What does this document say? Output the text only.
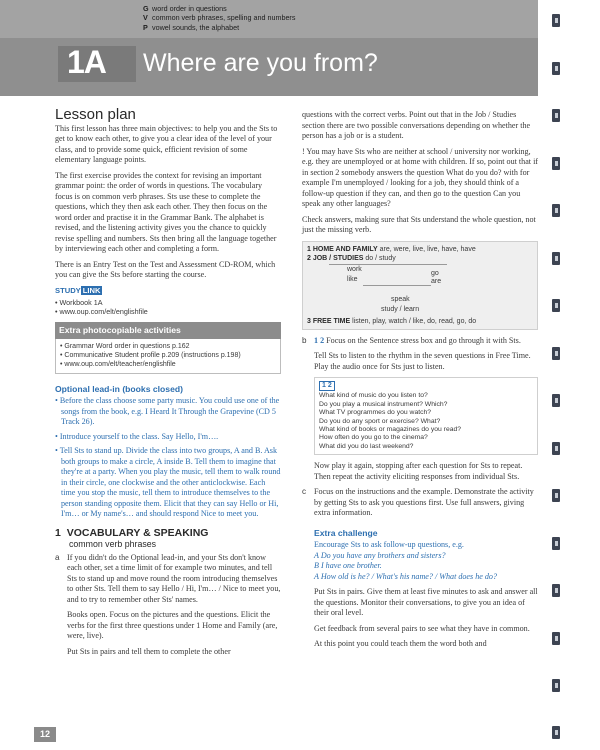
G word order in questions
V common verb phrases, spelling and numbers
P vowel sounds, the alphabet
1A Where are you from?
Lesson plan

This first lesson has three main objectives: to help you and the Sts to get to know each other, to give you a clear idea of the level of your class, and to provide some quick, efficient revision of some elementary language points.

The first exercise provides the context for revising an important grammar point: the order of words in questions. The vocabulary focus is on common verb phrases. Sts use these to complete the questions, which they then ask each other. They then focus on the word order and practise it in the Grammar Bank. The alphabet is revised, and the listening activity gives you the chance to quickly revise spelling and numbers. Sts then bring all the language together by interviewing each other and completing a form.

There is an Entry Test on the Test and Assessment CD-ROM, which you can give the Sts before starting the course.

STUDY LINK
• Workbook 1A
• www.oup.com/elt/englishfile
Extra photocopiable activities
• Grammar Word order in questions p.162
• Communicative Student profile p.209 (instructions p.198)
• www.oup.com/elt/teacher/englishfile
Optional lead-in (books closed)
• Before the class choose some party music. You could use one of the songs from the book, e.g. I Heard It Through the Grapevine (CD 5 Track 26).
• Introduce yourself to the class. Say Hello, I'm….
• Tell Sts to stand up. Divide the class into two groups, A and B. Ask both groups to make a circle, A inside B. Tell them to imagine that they're at a party. When you play the music, tell them to walk round in their circle, one clockwise and the other anticlockwise. Each time you stop the music, tell them to introduce themselves to the person standing opposite them. Elicit that they can say Hello or Hi, I'm… or My name's… and should respond Nice to meet you.
1 VOCABULARY & SPEAKING
common verb phrases
a If you didn't do the Optional lead-in, and your Sts don't know each other, set a time limit of for example two minutes, and tell Sts to stand up and move round the room introducing themselves to other Sts. Tell them to say Hello / Hi, I'm… / Nice to meet you, and to try to remember other Sts' names.

Books open. Focus on the pictures and the questions. Elicit the verbs for the first three questions under 1 Home and Family (are, were, live).

Put Sts in pairs and tell them to complete the other

questions with the correct verbs. Point out that in the Job / Studies section there are two possible conversations depending on whether the person has a job or is a student.

! You may have Sts who are neither at school / university nor working, e.g. they are unemployed or at home with children. If so, point out that if in section 2 somebody answers the question What do you do? with for example I'm unemployed / looking for a job, they should think of a follow-up question if they can, and then go to the question Can you speak any other languages?

Check answers, making sure that Sts understand the whole question, not just the missing verb.

1 HOME AND FAMILY are, were, live, live, have, have
2 JOB / STUDIES do / study
work
like
go
are
speak
study / learn
3 FREE TIME listen, play, watch / like, do, read, go, do
b 1 2 Focus on the Sentence stress box and go through it with Sts.

Tell Sts to listen to the rhythm in the seven questions in Free Time. Play the audio once for Sts just to listen.

1 2
What kind of music do you listen to?
Do you play a musical instrument? Which?
What TV programmes do you watch?
Do you do any sport or exercise? What?
What kind of books or magazines do you read?
How often do you go to the cinema?
What did you do last weekend?

Now play it again, stopping after each question for Sts to repeat. Then repeat the activity eliciting responses from individual Sts.

c Focus on the instructions and the example. Demonstrate the activity by getting Sts to ask you questions first. Use full answers, giving extra information.

Extra challenge
Encourage Sts to ask follow-up questions, e.g.
A Do you have any brothers and sisters?
B I have one brother.
A How old is he? / What's his name? / What does he do?

Put Sts in pairs. Give them at least five minutes to ask and answer all the questions. Monitor their conversations, to give you an idea of their oral level.

Get feedback from several pairs to see what they have in common.

At this point you could teach them the word both and

12
